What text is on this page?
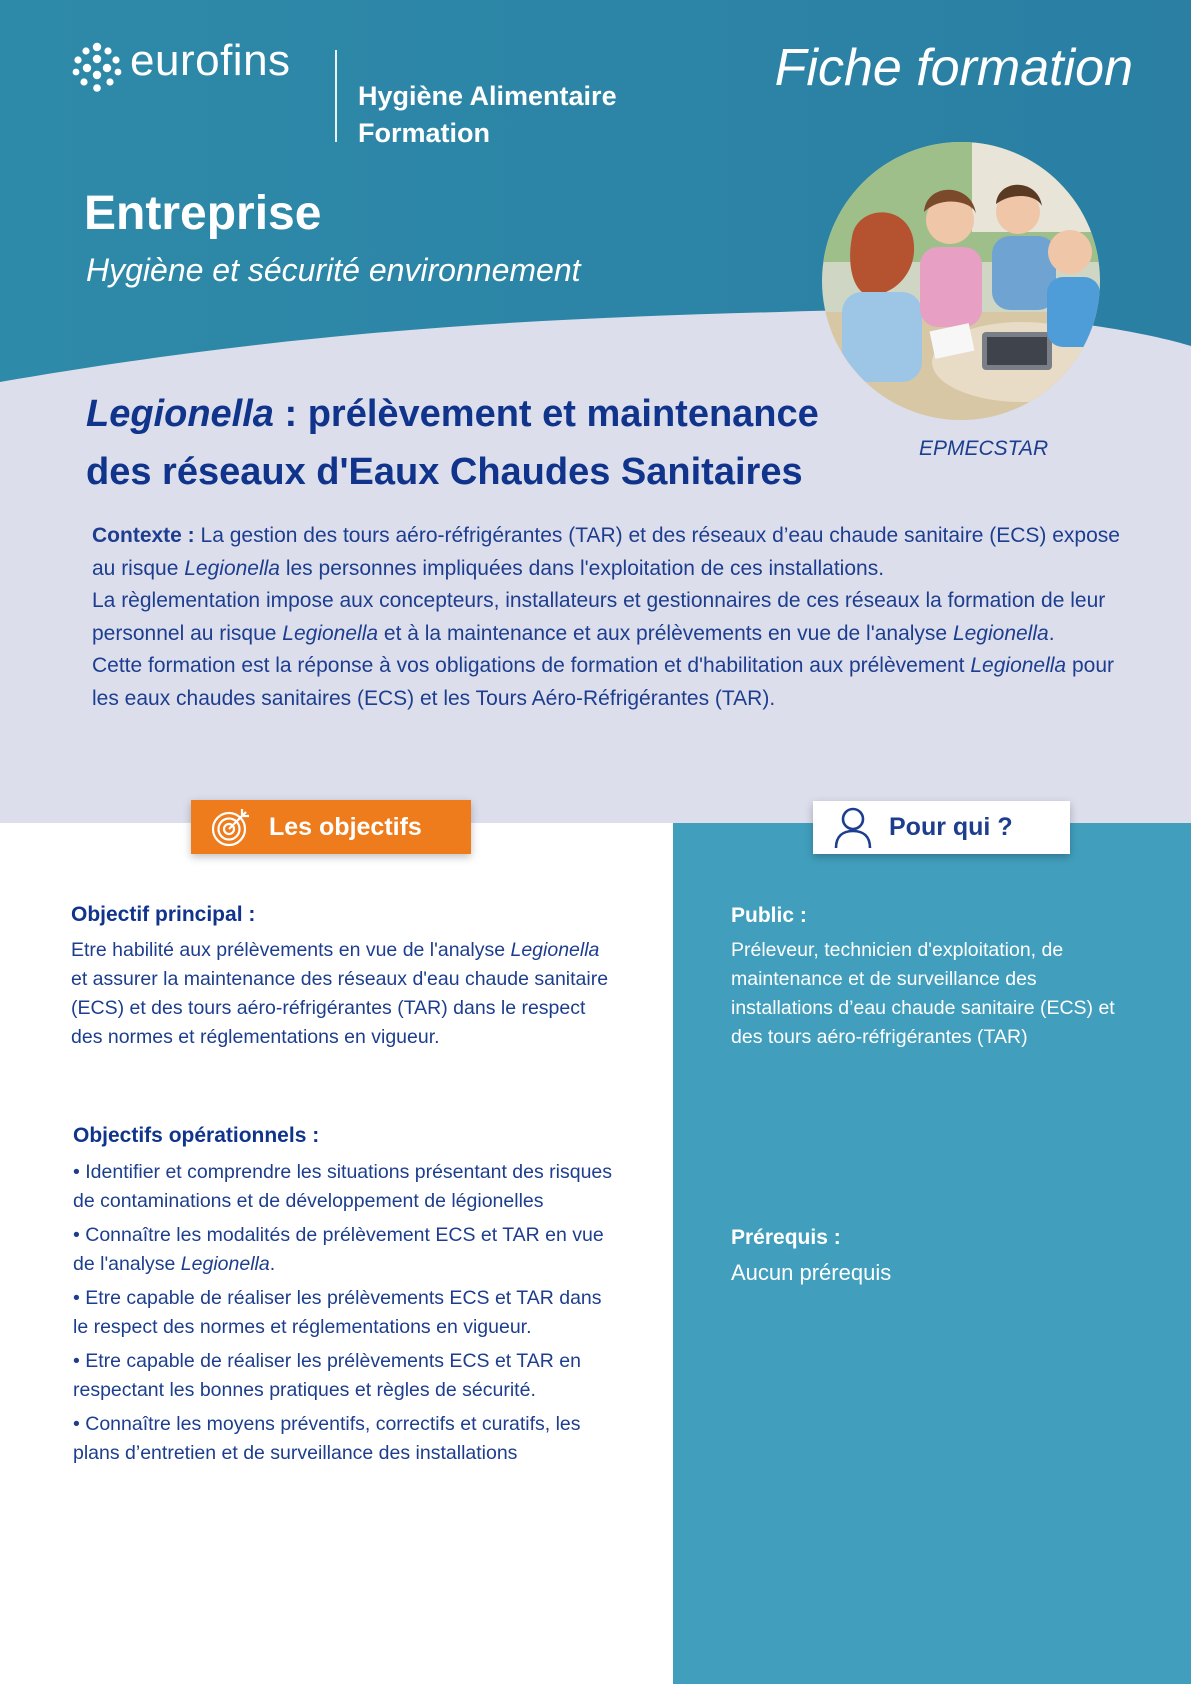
eurofins
Hygiène Alimentaire
Formation
Fiche formation
Entreprise
Hygiène et sécurité environnement
EPMECSTAR
Legionella : prélèvement et maintenance des réseaux d'Eaux Chaudes Sanitaires

Contexte : La gestion des tours aéro-réfrigérantes (TAR) et des réseaux d’eau chaude sanitaire (ECS) expose au risque Legionella les personnes impliquées dans l'exploitation de ces installations.

La règlementation impose aux concepteurs, installateurs et gestionnaires de ces réseaux la formation de leur personnel au risque Legionella et à la maintenance et aux prélèvements en vue de l'analyse Legionella.

Cette formation est la réponse à vos obligations de formation et d'habilitation aux prélèvement Legionella pour les eaux chaudes sanitaires (ECS) et les Tours Aéro-Réfrigérantes (TAR).

Les objectifs	Pour qui ?
Objectif principal :
Etre habilité aux prélèvements en vue de l'analyse Legionella et assurer la maintenance des réseaux d'eau chaude sanitaire (ECS) et des tours aéro-réfrigérantes (TAR) dans le respect des normes et réglementations en vigueur.
Objectifs opérationnels :
• Identifier et comprendre les situations présentant des risques de contaminations et de développement de légionelles
• Connaître les modalités de prélèvement ECS et TAR en vue de l'analyse Legionella.
• Etre capable de réaliser les prélèvements ECS et TAR dans le respect des normes et réglementations en vigueur.
• Etre capable de réaliser les prélèvements ECS et TAR en respectant les bonnes pratiques et règles de sécurité.
• Connaître les moyens préventifs, correctifs et curatifs, les plans d’entretien et de surveillance des installations
Public :
Préleveur, technicien d'exploitation, de maintenance et de surveillance des installations d’eau chaude sanitaire (ECS) et des tours aéro-réfrigérantes (TAR)
Prérequis :
Aucun prérequis
